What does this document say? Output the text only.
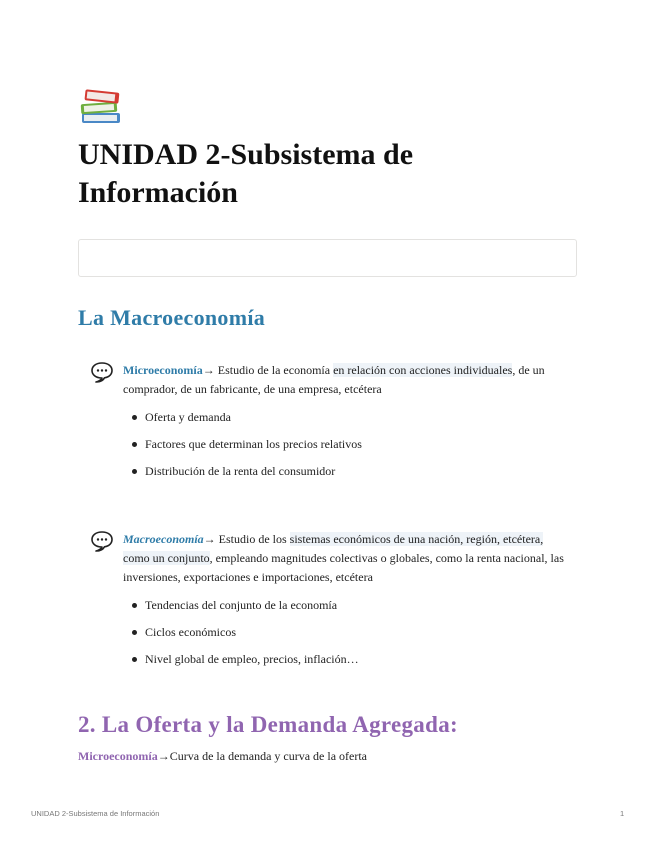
UNIDAD 2-Subsistema de Información
La Macroeconomía
Microeconomía→ Estudio de la economía en relación con acciones individuales, de un comprador, de un fabricante, de una empresa, etcétera
Oferta y demanda
Factores que determinan los precios relativos
Distribución de la renta del consumidor
Macroeconomía→ Estudio de los sistemas económicos de una nación, región, etcétera, como un conjunto, empleando magnitudes colectivas o globales, como la renta nacional, las inversiones, exportaciones e importaciones, etcétera
Tendencias del conjunto de la economía
Ciclos económicos
Nivel global de empleo, precios, inflación…
2. La Oferta y la Demanda Agregada:
Microeconomía→Curva de la demanda y curva de la oferta
UNIDAD 2-Subsistema de Información	1
